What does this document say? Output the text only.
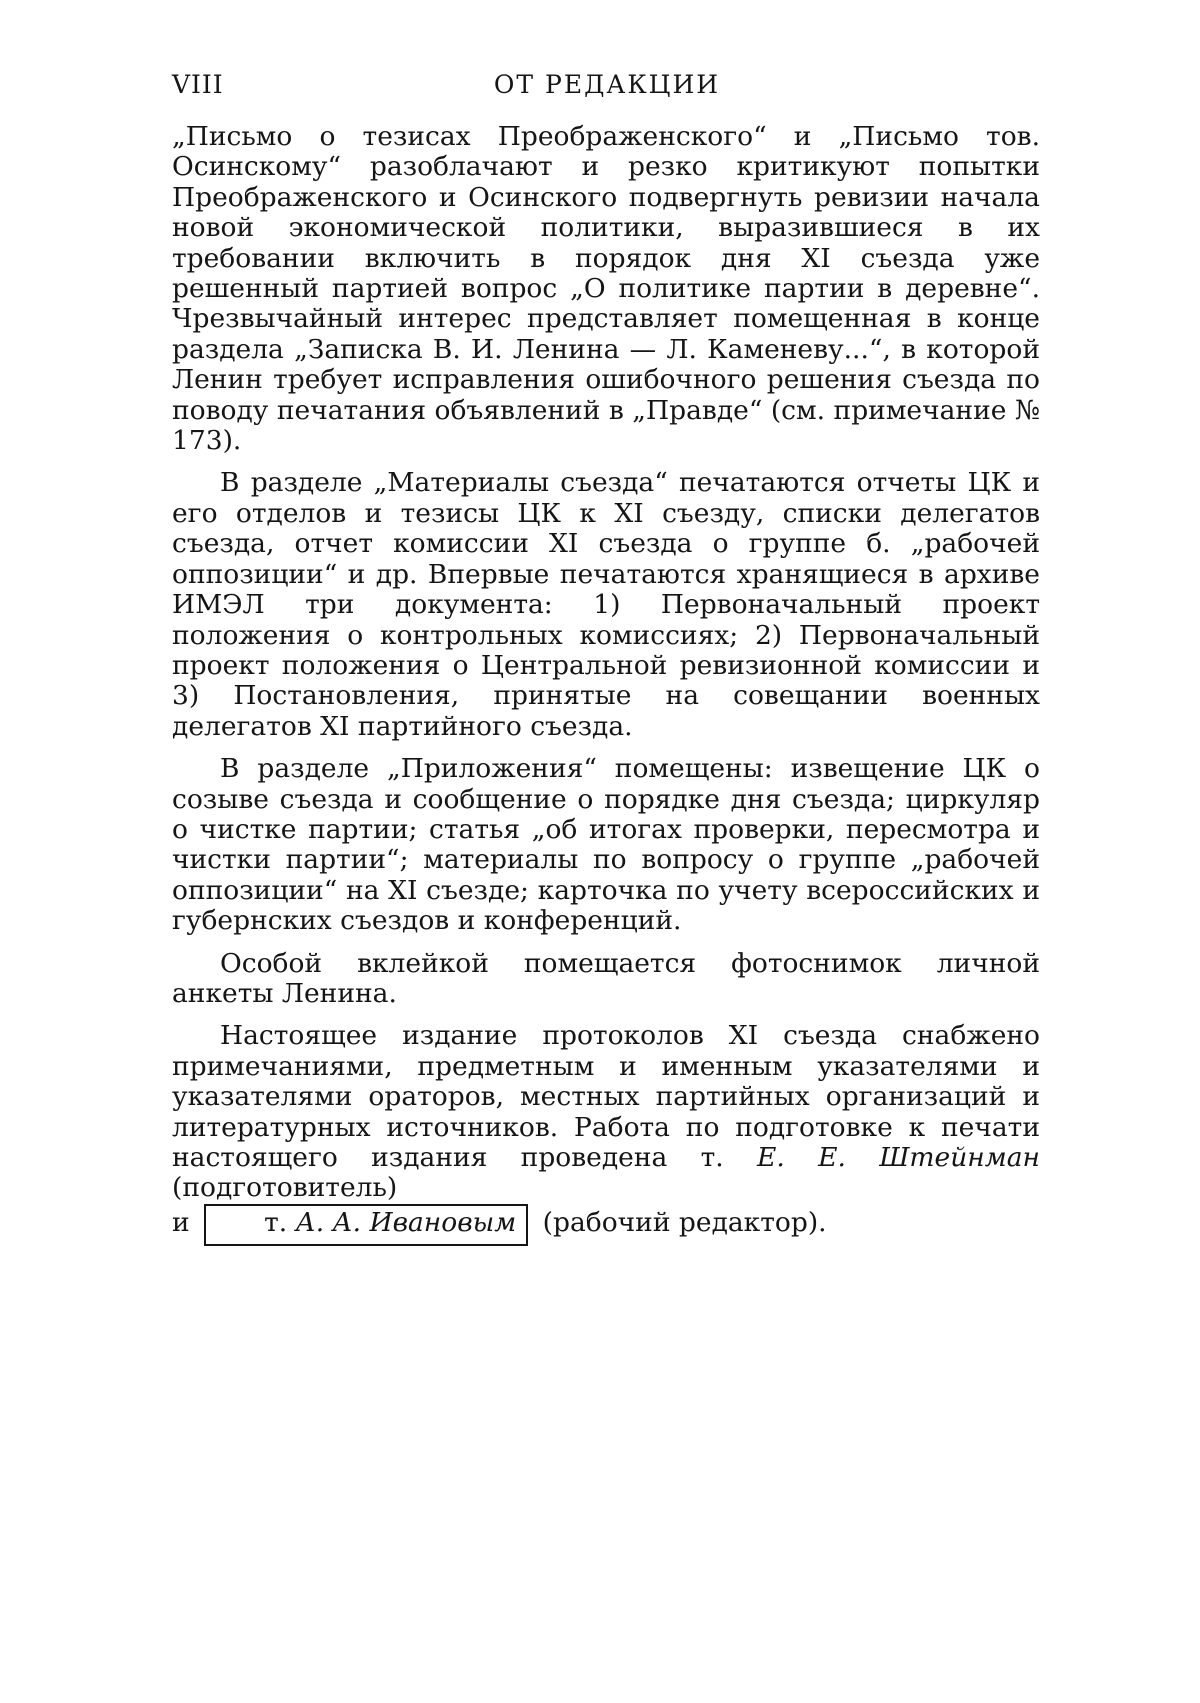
VIII	ОТ РЕДАКЦИИ

„Письмо о тезисах Преображенского“ и „Письмо тов. Осинскому“ разоблачают и резко критикуют попытки Преображенского и Осинского подвергнуть ревизии начала новой экономической политики, выразившиеся в их требовании включить в порядок дня XI съезда уже решенный партией вопрос „О политике партии в деревне“. Чрезвычайный интерес представляет помещенная в конце раздела „Записка В. И. Ленина — Л. Каменеву...“, в которой Ленин требует исправления ошибочного решения съезда по поводу печатания объявлений в „Правде“ (см. примечание № 173).

В разделе „Материалы съезда“ печатаются отчеты ЦК и его отделов и тезисы ЦК к XI съезду, списки делегатов съезда, отчет комиссии XI съезда о группе б. „рабочей оппозиции“ и др. Впервые печатаются хранящиеся в архиве ИМЭЛ три документа: 1) Первоначальный проект положения о контрольных комиссиях; 2) Первоначальный проект положения о Центральной ревизионной комиссии и 3) Постановления, принятые на совещании военных делегатов XI партийного съезда.

В разделе „Приложения“ помещены: извещение ЦК о созыве съезда и сообщение о порядке дня съезда; циркуляр о чистке партии; статья „об итогах проверки, пересмотра и чистки партии“; материалы по вопросу о группе „рабочей оппозиции“ на XI съезде; карточка по учету всероссийских и губернских съездов и конференций.

Особой вклейкой помещается фотоснимок личной анкеты Ленина.

Настоящее издание протоколов XI съезда снабжено примечаниями, предметным и именным указателями и указателями ораторов, местных партийных организаций и литературных источников. Работа по подготовке к печати настоящего издания проведена т. Е. Е. Штейнман (подготовитель)
и	т. А. А. Ивановым (рабочий редактор).
